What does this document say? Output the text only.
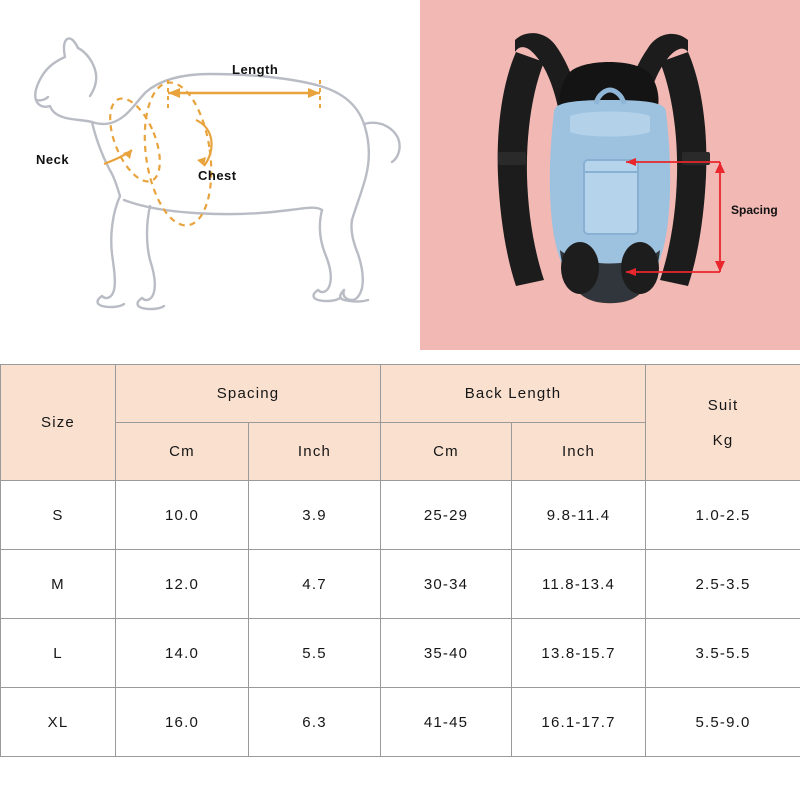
Length
Neck
Chest
Spacing
Size	Spacing		Back Length		Suit
Kg

	Cm	Inch	Cm	Inch	
S	10.0	3.9	25-29	9.8-11.4	1.0-2.5
M	12.0	4.7	30-34	11.8-13.4	2.5-3.5
L	14.0	5.5	35-40	13.8-15.7	3.5-5.5
XL	16.0	6.3	41-45	16.1-17.7	5.5-9.0
